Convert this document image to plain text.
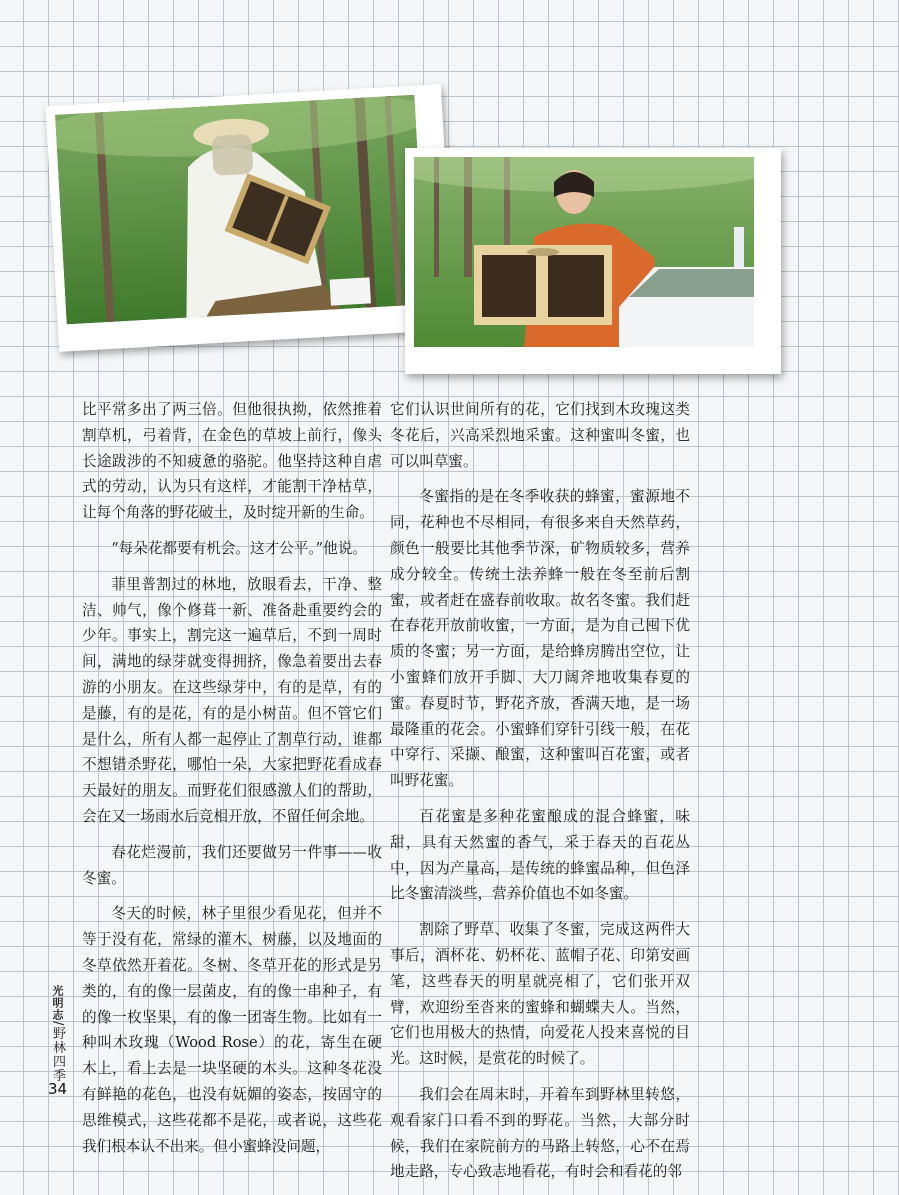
比平常多出了两三倍。但他很执拗，依然推着割草机，弓着背，在金色的草坡上前行，像头长途跋涉的不知疲惫的骆驼。他坚持这种自虐式的劳动，认为只有这样，才能割干净枯草，让每个角落的野花破土，及时绽开新的生命。

“每朵花都要有机会。这才公平。”他说。

菲里普割过的林地，放眼看去，干净、整洁、帅气，像个修葺一新、准备赴重要约会的少年。事实上，割完这一遍草后，不到一周时间，满地的绿芽就变得拥挤，像急着要出去春游的小朋友。在这些绿芽中，有的是草，有的是藤，有的是花，有的是小树苗。但不管它们是什么，所有人都一起停止了割草行动，谁都不想错杀野花，哪怕一朵，大家把野花看成春天最好的朋友。而野花们很感激人们的帮助，会在又一场雨水后竞相开放，不留任何余地。

春花烂漫前，我们还要做另一件事——收冬蜜。

冬天的时候，林子里很少看见花，但并不等于没有花，常绿的灌木、树藤，以及地面的冬草依然开着花。冬树、冬草开花的形式是另类的，有的像一层菌皮，有的像一串种子，有的像一枚坚果，有的像一团寄生物。比如有一种叫木玫瑰（Wood Rose）的花，寄生在硬木上，看上去是一块坚硬的木头。这种冬花没有鲜艳的花色，也没有妩媚的姿态，按固守的思维模式，这些花都不是花，或者说，这些花我们根本认不出来。但小蜜蜂没问题，

它们认识世间所有的花，它们找到木玫瑰这类冬花后，兴高采烈地采蜜。这种蜜叫冬蜜，也可以叫草蜜。

冬蜜指的是在冬季收获的蜂蜜，蜜源地不同，花种也不尽相同，有很多来自天然草药，颜色一般要比其他季节深，矿物质较多，营养成分较全。传统土法养蜂一般在冬至前后割蜜，或者赶在盛春前收取。故名冬蜜。我们赶在春花开放前收蜜，一方面，是为自己囤下优质的冬蜜；另一方面，是给蜂房腾出空位，让小蜜蜂们放开手脚、大刀阔斧地收集春夏的蜜。春夏时节，野花齐放，香满天地，是一场最隆重的花会。小蜜蜂们穿针引线一般，在花中穿行、采撷、酿蜜，这种蜜叫百花蜜，或者叫野花蜜。

百花蜜是多种花蜜酿成的混合蜂蜜，味甜，具有天然蜜的香气，采于春天的百花丛中，因为产量高，是传统的蜂蜜品种，但色泽比冬蜜清淡些，营养价值也不如冬蜜。

割除了野草、收集了冬蜜，完成这两件大事后，酒杯花、奶杯花、蓝帽子花、印第安画笔，这些春天的明星就亮相了，它们张开双臂，欢迎纷至沓来的蜜蜂和蝴蝶夫人。当然，它们也用极大的热情，向爱花人投来喜悦的目光。这时候，是赏花的时候了。

我们会在周末时，开着车到野林里转悠，观看家门口看不到的野花。当然，大部分时候，我们在家院前方的马路上转悠，心不在焉地走路，专心致志地看花，有时会和看花的邻

光明志/野林四季
34
